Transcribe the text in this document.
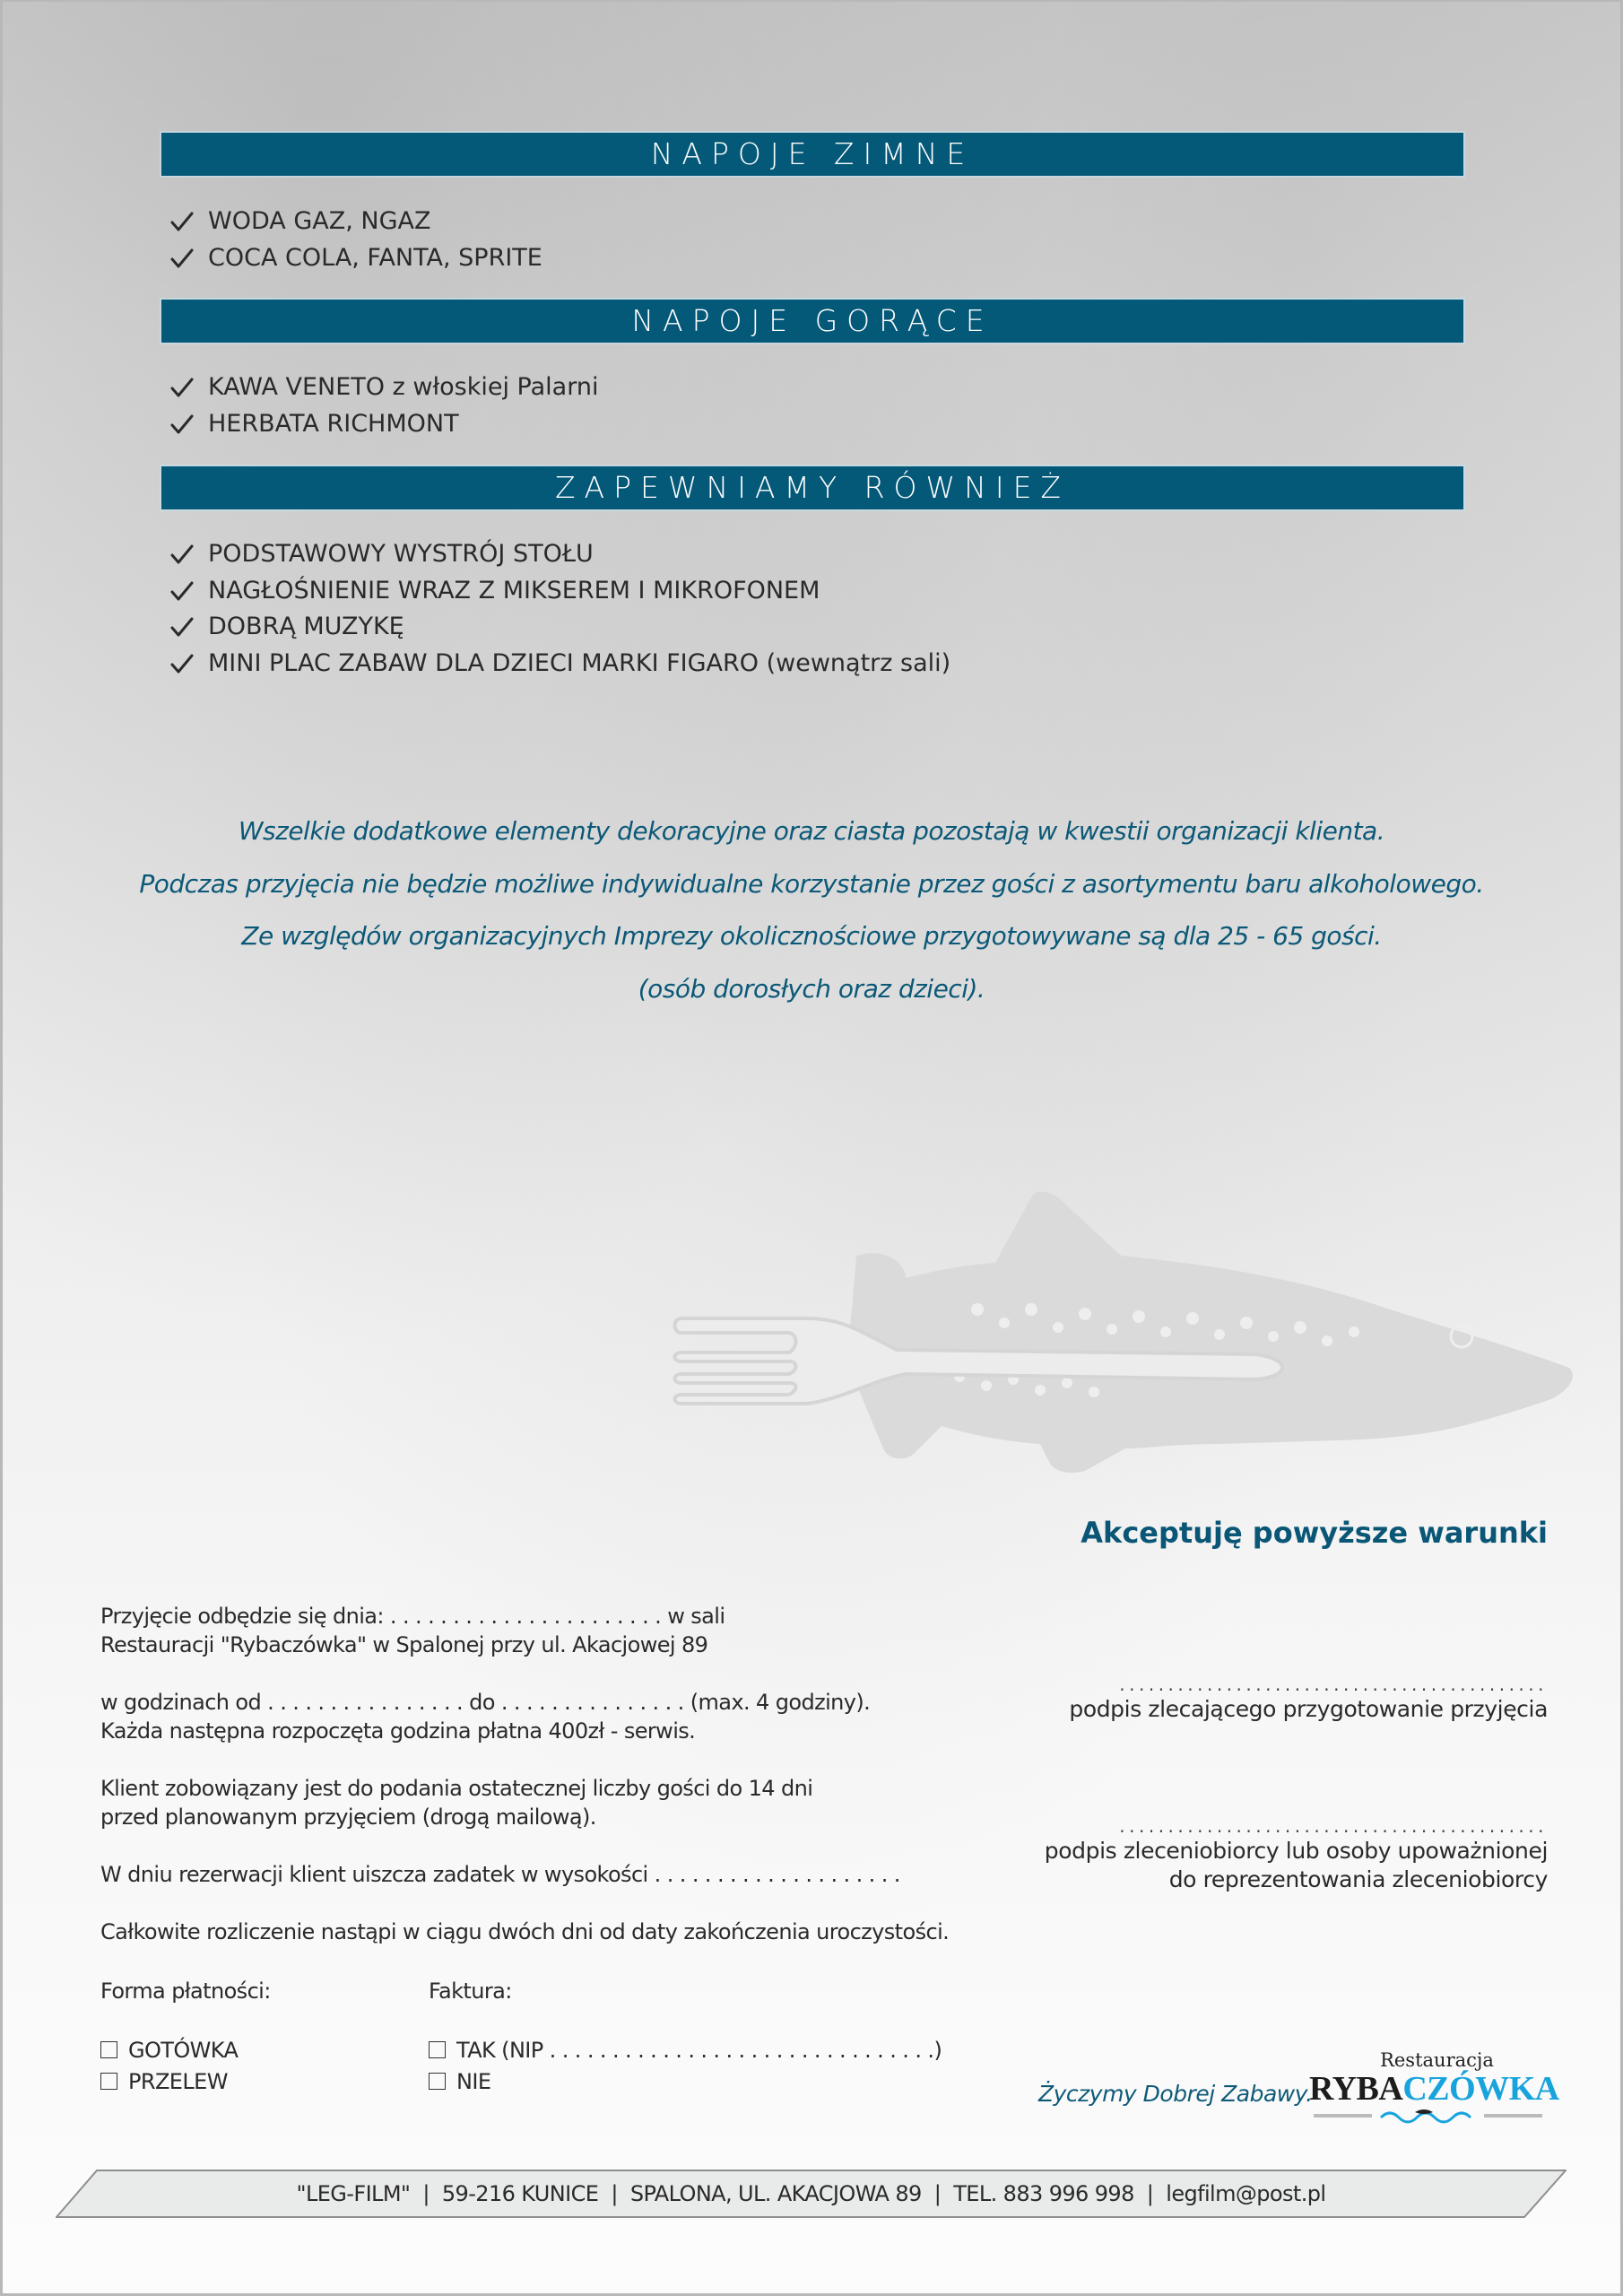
NAPOJE ZIMNE
WODA GAZ, NGAZ
COCA COLA, FANTA, SPRITE
NAPOJE GORĄCE
KAWA VENETO z włoskiej Palarni
HERBATA RICHMONT
ZAPEWNIAMY RÓWNIEŻ
PODSTAWOWY WYSTRÓJ STOŁU
NAGŁOŚNIENIE WRAZ Z MIKSEREM I MIKROFONEM
DOBRĄ MUZYKĘ
MINI PLAC ZABAW DLA DZIECI MARKI FIGARO (wewnątrz sali)

Wszelkie dodatkowe elementy dekoracyjne oraz ciasta pozostają w kwestii organizacji klienta.

Podczas przyjęcia nie będzie możliwe indywidualne korzystanie przez gości z asortymentu baru alkoholowego.

Ze względów organizacyjnych Imprezy okolicznościowe przygotowywane są dla 25 - 65 gości.

(osób dorosłych oraz dzieci).

Akceptuję powyższe warunki

Przyjęcie odbędzie się dnia: . . . . . . . . . . . . . . . . . . . . . . w sali

Restauracji "Rybaczówka" w Spalonej przy ul. Akacjowej 89

w godzinach od . . . . . . . . . . . . . . . . do . . . . . . . . . . . . . . . (max. 4 godziny).

Każda następna rozpoczęta godzina płatna 400zł - serwis.

Klient zobowiązany jest do podania ostatecznej liczby gości do 14 dni

przed planowanym przyjęciem (drogą mailową).

W dniu rezerwacji klient uiszcza zadatek w wysokości . . . . . . . . . . . . . . . . . . . .

Całkowite rozliczenie nastąpi w ciągu dwóch dni od daty zakończenia uroczystości.

Forma płatności:
GOTÓWKA
PRZELEW
Faktura:
TAK (NIP . . . . . . . . . . . . . . . . . . . . . . . . . . . . . . .)
NIE
............................................
podpis zlecającego przygotowanie przyjęcia
............................................
podpis zleceniobiorcy lub osoby upoważnionej
do reprezentowania zleceniobiorcy
Życzymy Dobrej Zabawy.
Restauracja
RYBACZÓWKA
"LEG-FILM" | 59-216 KUNICE | SPALONA, UL. AKACJOWA 89 | TEL. 883 996 998 | legfilm@post.pl
